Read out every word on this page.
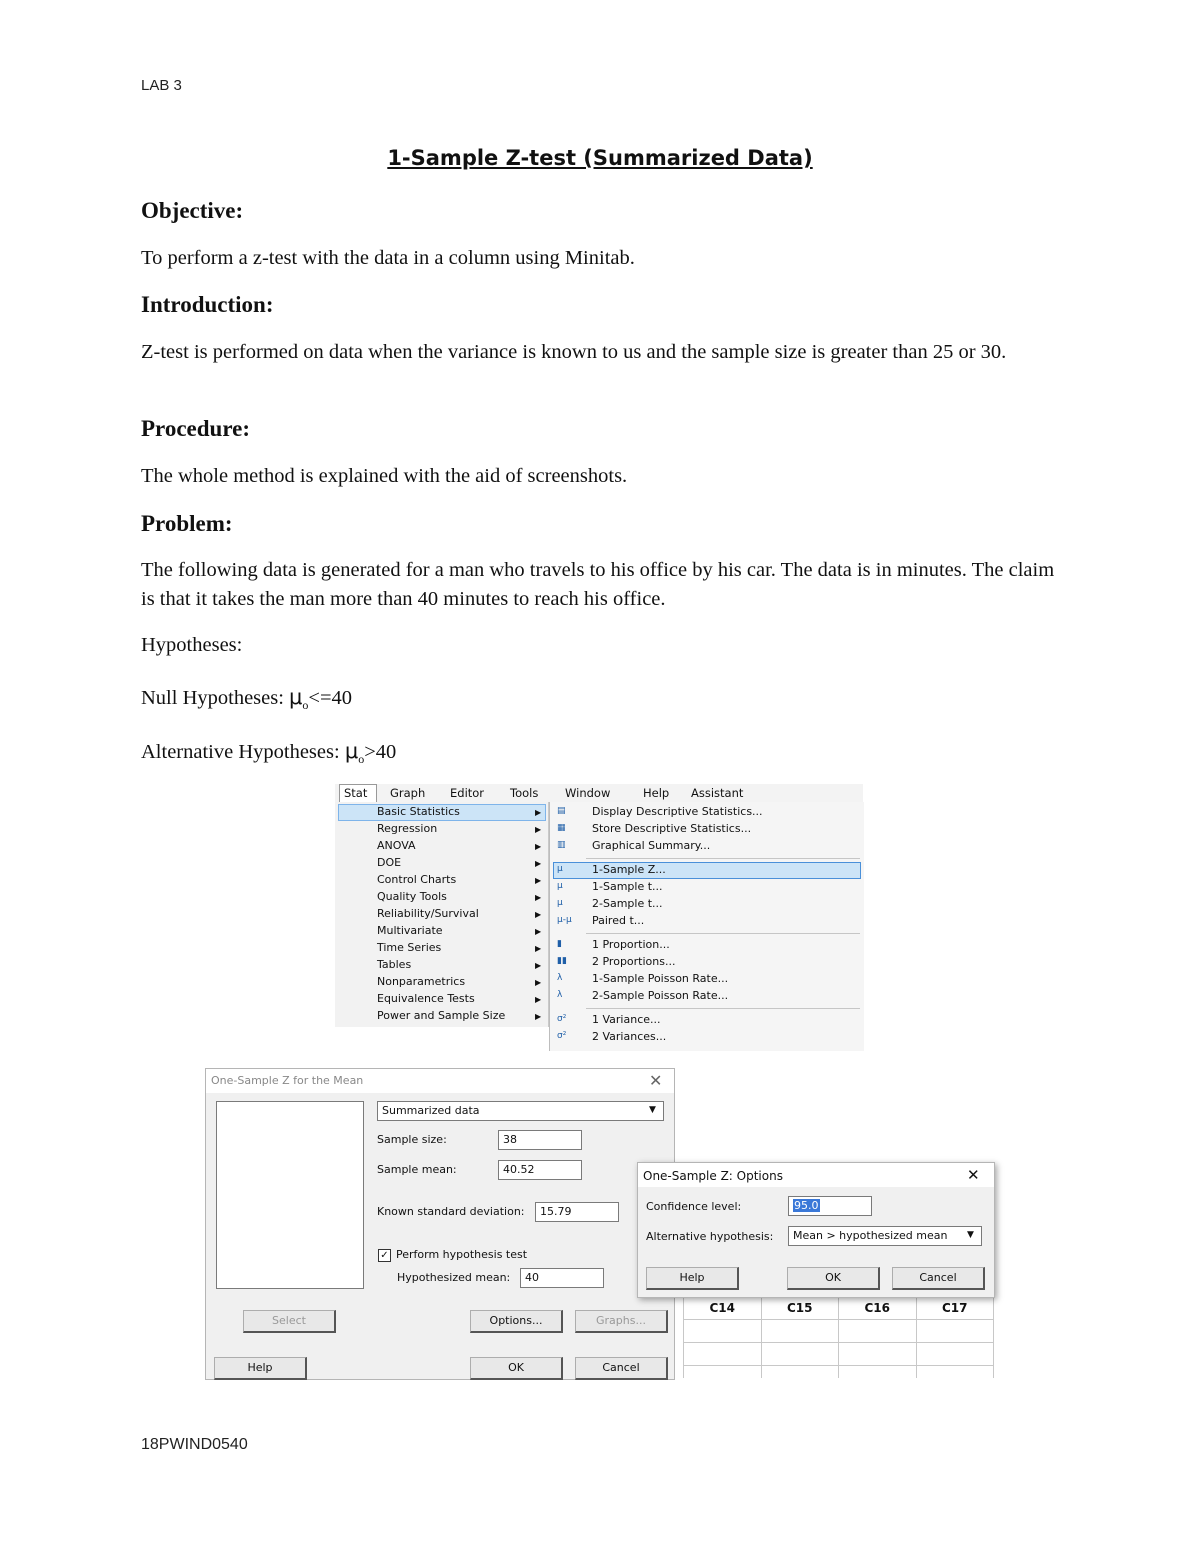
LAB 3
1-Sample Z-test (Summarized Data)
Objective:
To perform a z-test with the data in a column using Minitab.
Introduction:
Z-test is performed on data when the variance is known to us and the sample size is greater than 25 or 30.
Procedure:
The whole method is explained with the aid of screenshots.
Problem:
The following data is generated for a man who travels to his office by his car. The data is in minutes. The claim is that it takes the man more than 40 minutes to reach his office.
Hypotheses:
Null Hypotheses: $\mu_o<=40$
Alternative Hypotheses: $\mu_o>40$
Stat Graph Editor Tools Window	Help Assistant
Basic Statistics
Regression
ANOVA
DOE
Control Charts
Quality Tools
Reliability/Survival
Multivariate
Time Series
Tables
Nonparametrics
Equivalence Tests
Power and Sample Size
▶
▶
▶
▶
▶
▶
▶
▶
▶
▶
▶
▶
▶
▤	Display Descriptive Statistics...
▦	Store Descriptive Statistics...
▥	Graphical Summary...
μ	1-Sample Z...
μ	1-Sample t...
μ	2-Sample t...
μ-μ	Paired t...
▮	1 Proportion...
▮▮	2 Proportions...
λ	1-Sample Poisson Rate...
λ	2-Sample Poisson Rate...
σ²	1 Variance...
σ²	2 Variances...
C14	C15	C16	C17

One-Sample Z for the Mean	✕
Summarized data	▼
Sample size:	38
Sample mean:	40.52
Known standard deviation:	15.79
✓ Perform hypothesis test
Hypothesized mean:	40
Select	Options...	Graphs...
Help	OK	Cancel
One-Sample Z: Options	✕
Confidence level:	95.0
Alternative hypothesis:	Mean > hypothesized mean	▼
Help	OK	Cancel
18PWIND0540
